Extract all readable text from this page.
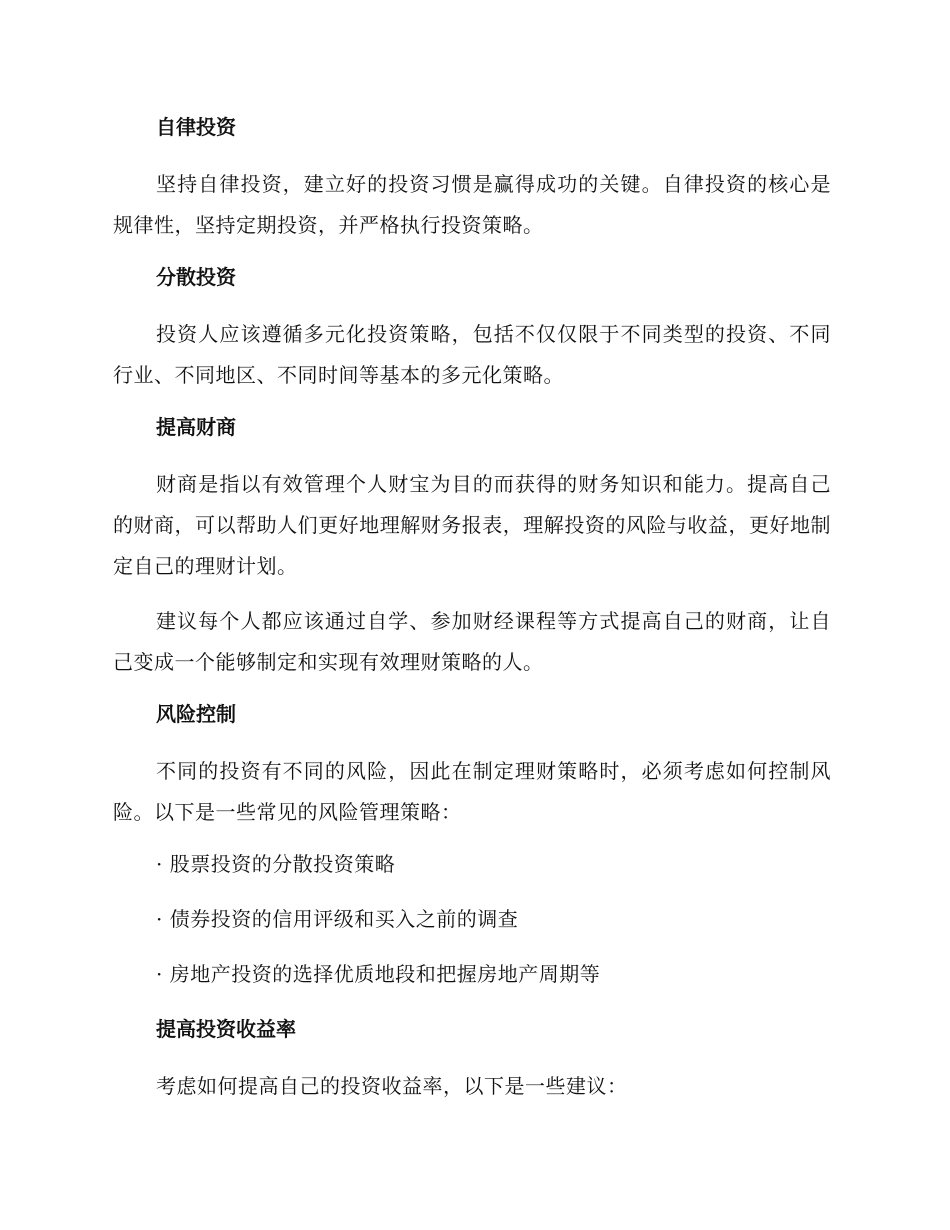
自律投资

坚持自律投资，建立好的投资习惯是赢得成功的关键。自律投资的核心是规律性，坚持定期投资，并严格执行投资策略。

分散投资

投资人应该遵循多元化投资策略，包括不仅仅限于不同类型的投资、不同行业、不同地区、不同时间等基本的多元化策略。

提高财商

财商是指以有效管理个人财宝为目的而获得的财务知识和能力。提高自己的财商，可以帮助人们更好地理解财务报表，理解投资的风险与收益，更好地制定自己的理财计划。

建议每个人都应该通过自学、参加财经课程等方式提高自己的财商，让自己变成一个能够制定和实现有效理财策略的人。

风险控制

不同的投资有不同的风险，因此在制定理财策略时，必须考虑如何控制风险。以下是一些常见的风险管理策略：

· 股票投资的分散投资策略
· 债券投资的信用评级和买入之前的调查
· 房地产投资的选择优质地段和把握房地产周期等
提高投资收益率

考虑如何提高自己的投资收益率，以下是一些建议：
